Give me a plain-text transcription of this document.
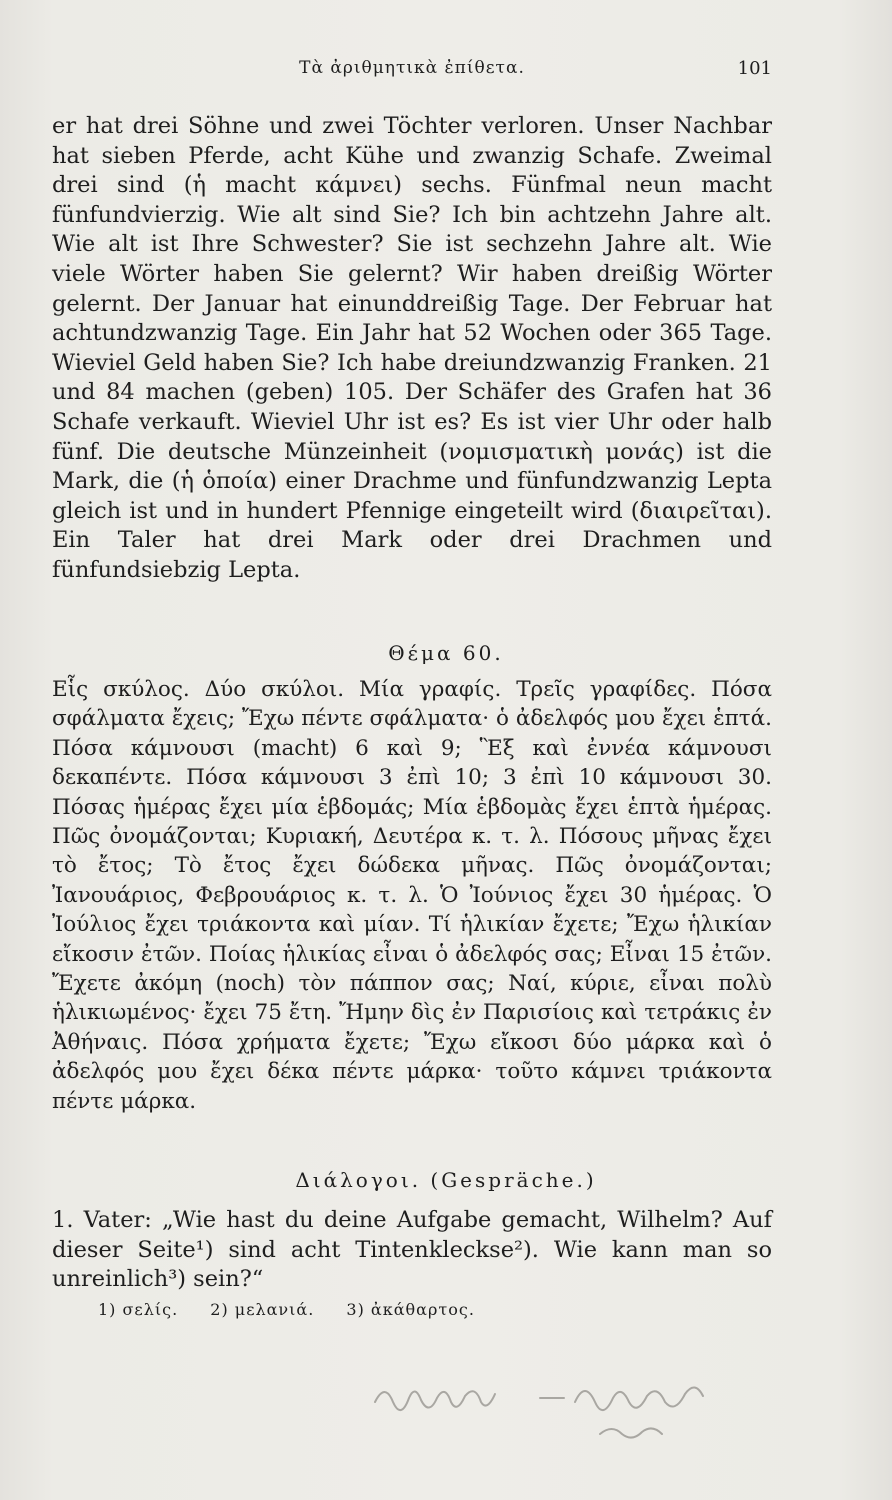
Τὰ ἀριθμητικὰ ἐπίθετα.	101

er hat drei Söhne und zwei Töchter verloren. Unser Nachbar hat sieben Pferde, acht Kühe und zwanzig Schafe. Zweimal drei sind (ἡ macht κάμνει) sechs. Fünfmal neun macht fünfundvierzig. Wie alt sind Sie? Ich bin achtzehn Jahre alt. Wie alt ist Ihre Schwester? Sie ist sechzehn Jahre alt. Wie viele Wörter haben Sie gelernt? Wir haben dreißig Wörter gelernt. Der Januar hat einunddreißig Tage. Der Februar hat achtundzwanzig Tage. Ein Jahr hat 52 Wochen oder 365 Tage. Wieviel Geld haben Sie? Ich habe dreiundzwanzig Franken. 21 und 84 machen (geben) 105. Der Schäfer des Grafen hat 36 Schafe verkauft. Wieviel Uhr ist es? Es ist vier Uhr oder halb fünf. Die deutsche Münzeinheit (νομισματικὴ μονάς) ist die Mark, die (ἡ ὁποία) einer Drachme und fünfundzwanzig Lepta gleich ist und in hundert Pfennige eingeteilt wird (διαιρεῖται). Ein Taler hat drei Mark oder drei Drachmen und fünfundsiebzig Lepta.

Θέμα 60.

Εἷς σκύλος. Δύο σκύλοι. Μία γραφίς. Τρεῖς γραφίδες. Πόσα σφάλματα ἔχεις; Ἔχω πέντε σφάλματα· ὁ ἀδελφός μου ἔχει ἑπτά. Πόσα κάμνουσι (macht) 6 καὶ 9; Ἓξ καὶ ἐννέα κάμνουσι δεκαπέντε. Πόσα κάμνουσι 3 ἐπὶ 10; 3 ἐπὶ 10 κάμνουσι 30. Πόσας ἡμέρας ἔχει μία ἑβδομάς; Μία ἑβδομὰς ἔχει ἑπτὰ ἡμέρας. Πῶς ὀνομάζονται; Κυριακή, Δευτέρα κ. τ. λ. Πόσους μῆνας ἔχει τὸ ἔτος; Τὸ ἔτος ἔχει δώδεκα μῆνας. Πῶς ὀνομάζονται; Ἰανουάριος, Φεβρουάριος κ. τ. λ. Ὁ Ἰούνιος ἔχει 30 ἡμέρας. Ὁ Ἰούλιος ἔχει τριάκοντα καὶ μίαν. Τί ἡλικίαν ἔχετε; Ἔχω ἡλικίαν εἴκοσιν ἐτῶν. Ποίας ἡλικίας εἶναι ὁ ἀδελφός σας; Εἶναι 15 ἐτῶν. Ἔχετε ἀκόμη (noch) τὸν πάππον σας; Ναί, κύριε, εἶναι πολὺ ἡλικιωμένος· ἔχει 75 ἔτη. Ἤμην δὶς ἐν Παρισίοις καὶ τετράκις ἐν Ἀθήναις. Πόσα χρήματα ἔχετε; Ἔχω εἴκοσι δύο μάρκα καὶ ὁ ἀδελφός μου ἔχει δέκα πέντε μάρκα· τοῦτο κάμνει τριάκοντα πέντε μάρκα.

Διάλογοι. (Gespräche.)

1. Vater: „Wie hast du deine Aufgabe gemacht, Wilhelm? Auf dieser Seite¹) sind acht Tintenkleckse²). Wie kann man so unreinlich³) sein?“

1) σελίς. 2) μελανιά. 3) ἀκάθαρτος.
